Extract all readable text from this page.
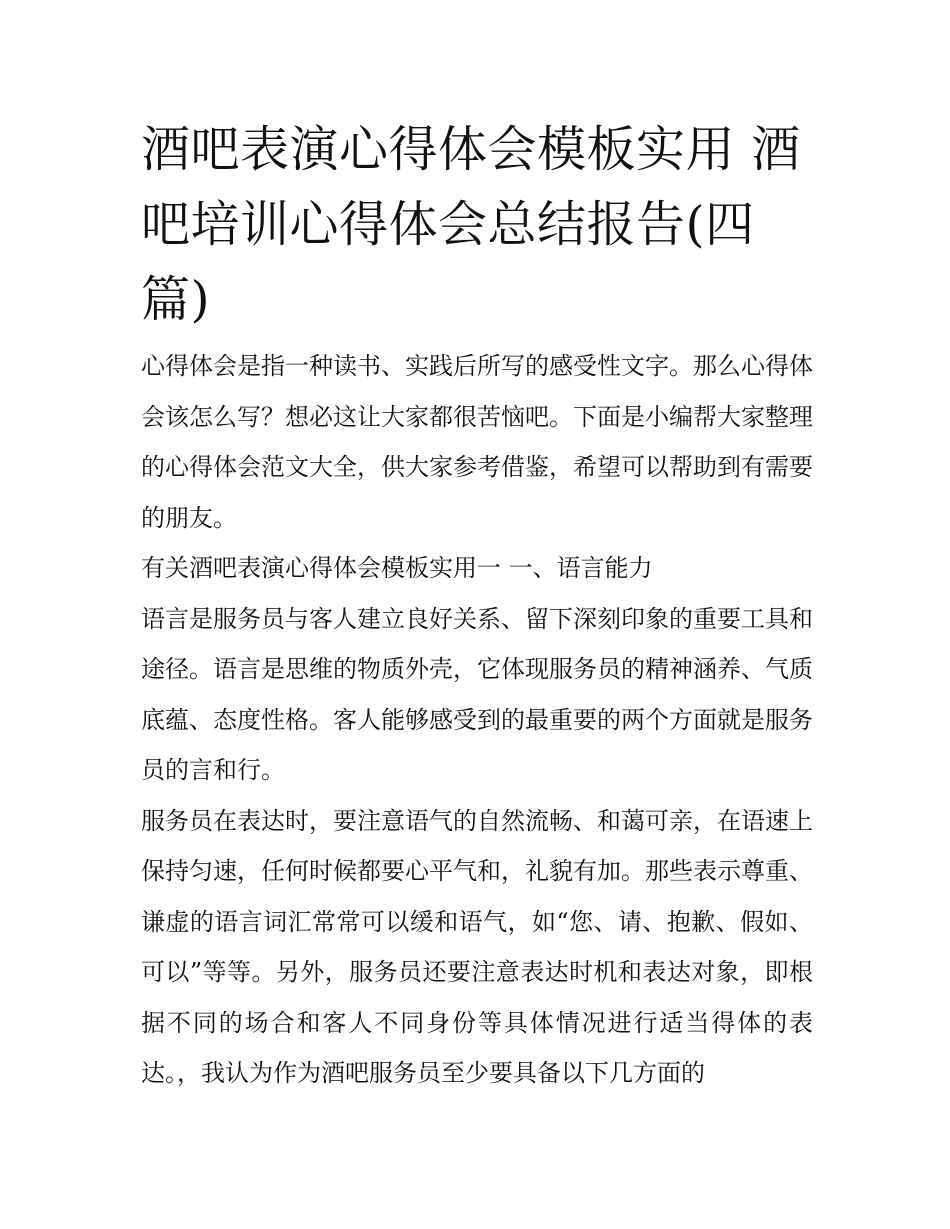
酒吧表演心得体会模板实用 酒吧培训心得体会总结报告(四篇)

心得体会是指一种读书、实践后所写的感受性文字。那么心得体会该怎么写？想必这让大家都很苦恼吧。下面是小编帮大家整理的心得体会范文大全，供大家参考借鉴，希望可以帮助到有需要的朋友。

有关酒吧表演心得体会模板实用一 一、语言能力

语言是服务员与客人建立良好关系、留下深刻印象的重要工具和途径。语言是思维的物质外壳，它体现服务员的精神涵养、气质底蕴、态度性格。客人能够感受到的最重要的两个方面就是服务员的言和行。

服务员在表达时，要注意语气的自然流畅、和蔼可亲，在语速上保持匀速，任何时候都要心平气和，礼貌有加。那些表示尊重、谦虚的语言词汇常常可以缓和语气，如“您、请、抱歉、假如、可以”等等。另外，服务员还要注意表达时机和表达对象，即根据不同的场合和客人不同身份等具体情况进行适当得体的表达。，我认为作为酒吧服务员至少要具备以下几方面的
